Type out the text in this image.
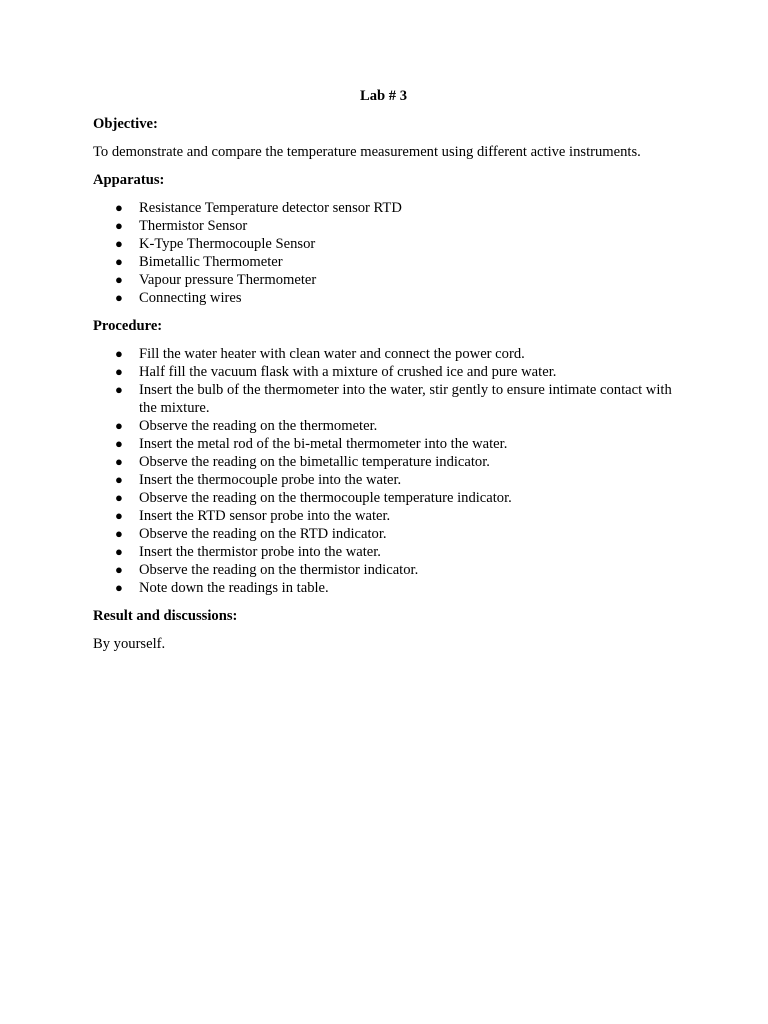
Lab # 3
Objective:
To demonstrate and compare the temperature measurement using different active instruments.
Apparatus:
● Resistance Temperature detector sensor RTD
● Thermistor Sensor
● K-Type Thermocouple Sensor
● Bimetallic Thermometer
● Vapour pressure Thermometer
● Connecting wires
Procedure:
● Fill the water heater with clean water and connect the power cord.
● Half fill the vacuum flask with a mixture of crushed ice and pure water.
● Insert the bulb of the thermometer into the water, stir gently to ensure intimate contact with the mixture.
● Observe the reading on the thermometer.
● Insert the metal rod of the bi-metal thermometer into the water.
● Observe the reading on the bimetallic temperature indicator.
● Insert the thermocouple probe into the water.
● Observe the reading on the thermocouple temperature indicator.
● Insert the RTD sensor probe into the water.
● Observe the reading on the RTD indicator.
● Insert the thermistor probe into the water.
● Observe the reading on the thermistor indicator.
● Note down the readings in table.
Result and discussions:
By yourself.
